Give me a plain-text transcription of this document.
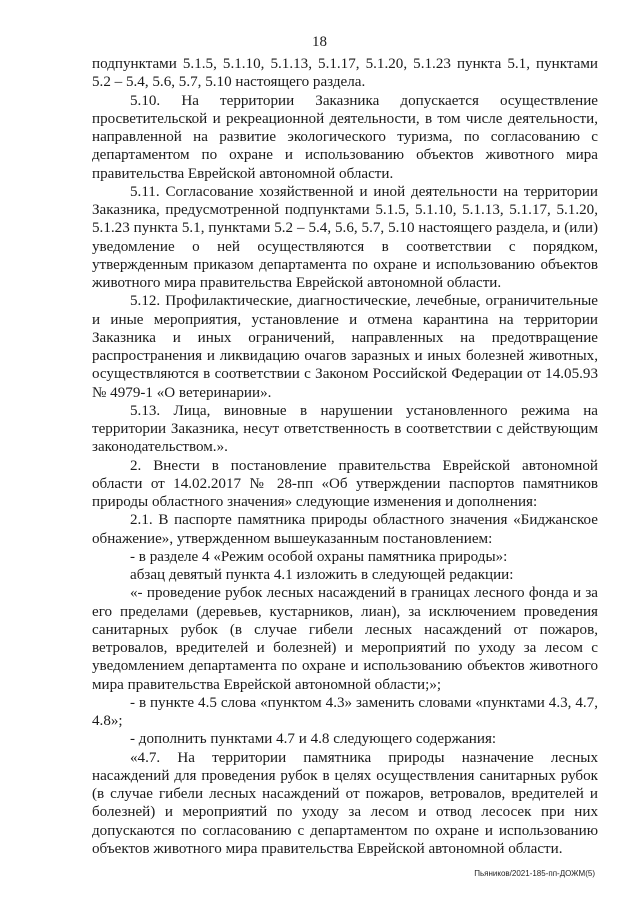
18

подпунктами 5.1.5, 5.1.10, 5.1.13, 5.1.17, 5.1.20, 5.1.23 пункта 5.1, пунктами 5.2 – 5.4, 5.6, 5.7, 5.10 настоящего раздела.

5.10. На территории Заказника допускается осуществление просветительской и рекреационной деятельности, в том числе деятельности, направленной на развитие экологического туризма, по согласованию с департаментом по охране и использованию объектов животного мира правительства Еврейской автономной области.

5.11. Согласование хозяйственной и иной деятельности на территории Заказника, предусмотренной подпунктами 5.1.5, 5.1.10, 5.1.13, 5.1.17, 5.1.20, 5.1.23 пункта 5.1, пунктами 5.2 – 5.4, 5.6, 5.7, 5.10 настоящего раздела, и (или) уведомление о ней осуществляются в соответствии с порядком, утвержденным приказом департамента по охране и использованию объектов животного мира правительства Еврейской автономной области.

5.12. Профилактические, диагностические, лечебные, ограничительные и иные мероприятия, установление и отмена карантина на территории Заказника и иных ограничений, направленных на предотвращение распространения и ликвидацию очагов заразных и иных болезней животных, осуществляются в соответствии с Законом Российской Федерации от 14.05.93 № 4979-1 «О ветеринарии».

5.13. Лица, виновные в нарушении установленного режима на территории Заказника, несут ответственность в соответствии с действующим законодательством.».

2. Внести в постановление правительства Еврейской автономной области от 14.02.2017 № 28-пп «Об утверждении паспортов памятников природы областного значения» следующие изменения и дополнения:

2.1. В паспорте памятника природы областного значения «Биджанское обнажение», утвержденном вышеуказанным постановлением:

- в разделе 4 «Режим особой охраны памятника природы»:

абзац девятый пункта 4.1 изложить в следующей редакции:

«- проведение рубок лесных насаждений в границах лесного фонда и за его пределами (деревьев, кустарников, лиан), за исключением проведения санитарных рубок (в случае гибели лесных насаждений от пожаров, ветровалов, вредителей и болезней) и мероприятий по уходу за лесом с уведомлением департамента по охране и использованию объектов животного мира правительства Еврейской автономной области;»;

- в пункте 4.5 слова «пунктом 4.3» заменить словами «пунктами 4.3, 4.7, 4.8»;

- дополнить пунктами 4.7 и 4.8 следующего содержания:

«4.7. На территории памятника природы назначение лесных насаждений для проведения рубок в целях осуществления санитарных рубок (в случае гибели лесных насаждений от пожаров, ветровалов, вредителей и болезней) и мероприятий по уходу за лесом и отвод лесосек при них допускаются по согласованию с департаментом по охране и использованию объектов животного мира правительства Еврейской автономной области.

Пьяников/2021-185-пп-ДОЖМ(5)
